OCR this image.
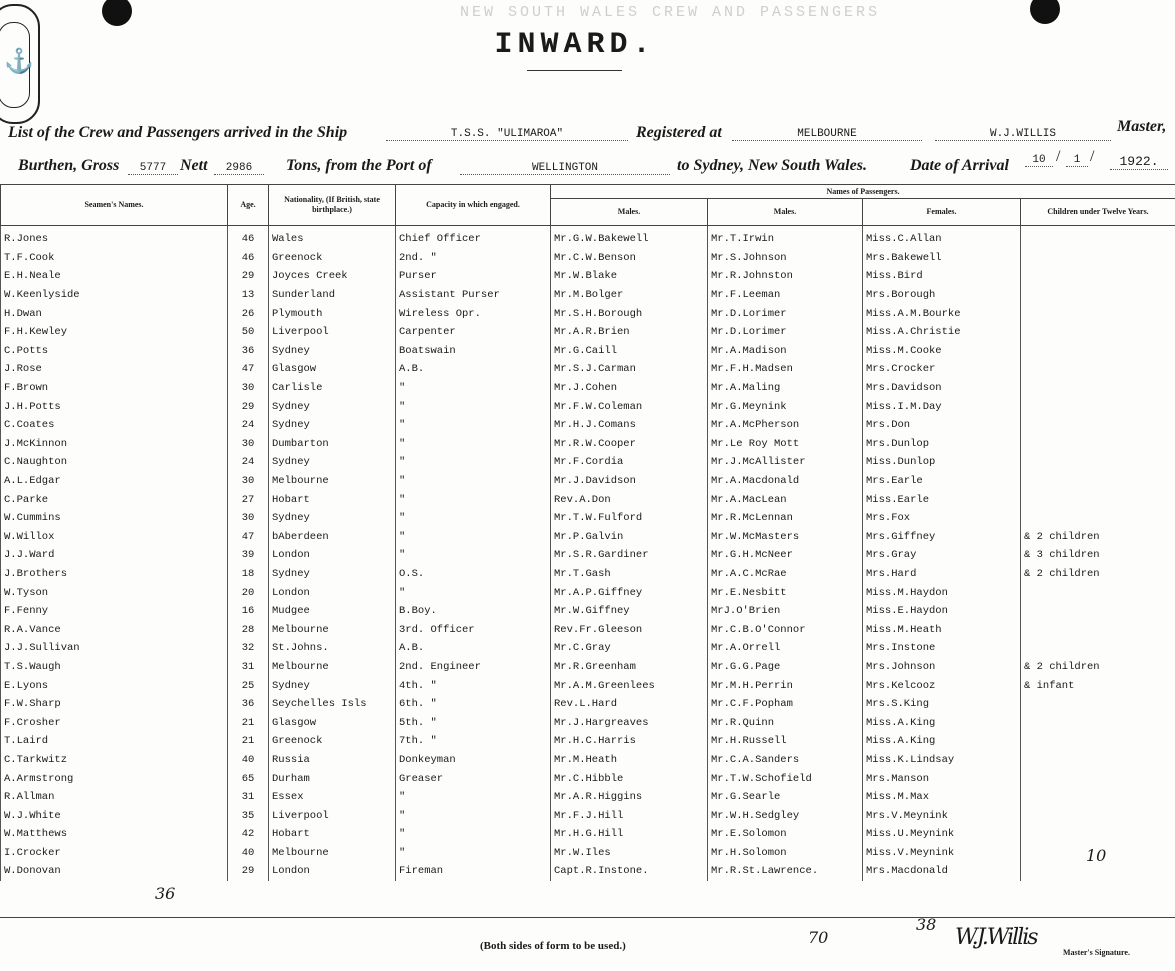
⚓
NEW SOUTH WALES CREW AND PASSENGERS
INWARD.
List of the Crew and Passengers arrived in the Ship	T.S.S. "ULIMAROA"	Registered at	MELBOURNE	W.J.WILLIS	Master,
Burthen, Gross	5777 Nett	2986	Tons, from the Port of	WELLINGTON	to Sydney, New South Wales.	Date of Arrival	10 /	1 /	1922.
Seamen's Names.	Age.	Nationality, (If British, state birthplace.)	Capacity in which engaged.	Names of Passengers.			
				Males.	Males.	Females.	Children under Twelve Years.
R.Jones	46	Wales	Chief Officer	Mr.G.W.Bakewell	Mr.T.Irwin	Miss.C.Allan	
T.F.Cook	46	Greenock	2nd. "	Mr.C.W.Benson	Mr.S.Johnson	Mrs.Bakewell	
E.H.Neale	29	Joyces Creek	Purser	Mr.W.Blake	Mr.R.Johnston	Miss.Bird	
W.Keenlyside	13	Sunderland	Assistant Purser	Mr.M.Bolger	Mr.F.Leeman	Mrs.Borough	
H.Dwan	26	Plymouth	Wireless Opr.	Mr.S.H.Borough	Mr.D.Lorimer	Miss.A.M.Bourke	
F.H.Kewley	50	Liverpool	Carpenter	Mr.A.R.Brien	Mr.D.Lorimer	Miss.A.Christie	
C.Potts	36	Sydney	Boatswain	Mr.G.Caill	Mr.A.Madison	Miss.M.Cooke	
J.Rose	47	Glasgow	A.B.	Mr.S.J.Carman	Mr.F.H.Madsen	Mrs.Crocker	
F.Brown	30	Carlisle	"	Mr.J.Cohen	Mr.A.Maling	Mrs.Davidson	
J.H.Potts	29	Sydney	"	Mr.F.W.Coleman	Mr.G.Meynink	Miss.I.M.Day	
C.Coates	24	Sydney	"	Mr.H.J.Comans	Mr.A.McPherson	Mrs.Don	
J.McKinnon	30	Dumbarton	"	Mr.R.W.Cooper	Mr.Le Roy Mott	Mrs.Dunlop	
C.Naughton	24	Sydney	"	Mr.F.Cordia	Mr.J.McAllister	Miss.Dunlop	
A.L.Edgar	30	Melbourne	"	Mr.J.Davidson	Mr.A.Macdonald	Mrs.Earle	
C.Parke	27	Hobart	"	Rev.A.Don	Mr.A.MacLean	Miss.Earle	
W.Cummins	30	Sydney	"	Mr.T.W.Fulford	Mr.R.McLennan	Mrs.Fox	
W.Willox	47	bAberdeen	"	Mr.P.Galvin	Mr.W.McMasters	Mrs.Giffney	& 2 children
J.J.Ward	39	London	"	Mr.S.R.Gardiner	Mr.G.H.McNeer	Mrs.Gray	& 3 children
J.Brothers	18	Sydney	O.S.	Mr.T.Gash	Mr.A.C.McRae	Mrs.Hard	& 2 children
W.Tyson	20	London	"	Mr.A.P.Giffney	Mr.E.Nesbitt	Miss.M.Haydon	
F.Fenny	16	Mudgee	B.Boy.	Mr.W.Giffney	MrJ.O'Brien	Miss.E.Haydon	
R.A.Vance	28	Melbourne	3rd. Officer	Rev.Fr.Gleeson	Mr.C.B.O'Connor	Miss.M.Heath	
J.J.Sullivan	32	St.Johns.	A.B.	Mr.C.Gray	Mr.A.Orrell	Mrs.Instone	
T.S.Waugh	31	Melbourne	2nd. Engineer	Mr.R.Greenham	Mr.G.G.Page	Mrs.Johnson	& 2 children
E.Lyons	25	Sydney	4th. "	Mr.A.M.Greenlees	Mr.M.H.Perrin	Mrs.Kelcooz	& infant
F.W.Sharp	36	Seychelles Isls	6th. "	Rev.L.Hard	Mr.C.F.Popham	Mrs.S.King	
F.Crosher	21	Glasgow	5th. "	Mr.J.Hargreaves	Mr.R.Quinn	Miss.A.King	
T.Laird	21	Greenock	7th. "	Mr.H.C.Harris	Mr.H.Russell	Miss.A.King	
C.Tarkwitz	40	Russia	Donkeyman	Mr.M.Heath	Mr.C.A.Sanders	Miss.K.Lindsay	
A.Armstrong	65	Durham	Greaser	Mr.C.Hibble	Mr.T.W.Schofield	Mrs.Manson	
R.Allman	31	Essex	"	Mr.A.R.Higgins	Mr.G.Searle	Miss.M.Max	
W.J.White	35	Liverpool	"	Mr.F.J.Hill	Mr.W.H.Sedgley	Mrs.V.Meynink	
W.Matthews	42	Hobart	"	Mr.H.G.Hill	Mr.E.Solomon	Miss.U.Meynink	
I.Crocker	40	Melbourne	"	Mr.W.Iles	Mr.H.Solomon	Miss.V.Meynink	
W.Donovan	29	London	Fireman	Capt.R.Instone.	Mr.R.St.Lawrence.	Mrs.Macdonald	
36
10
70
38
(Both sides of form to be used.)	W.J.Willis
Master's Signature.
